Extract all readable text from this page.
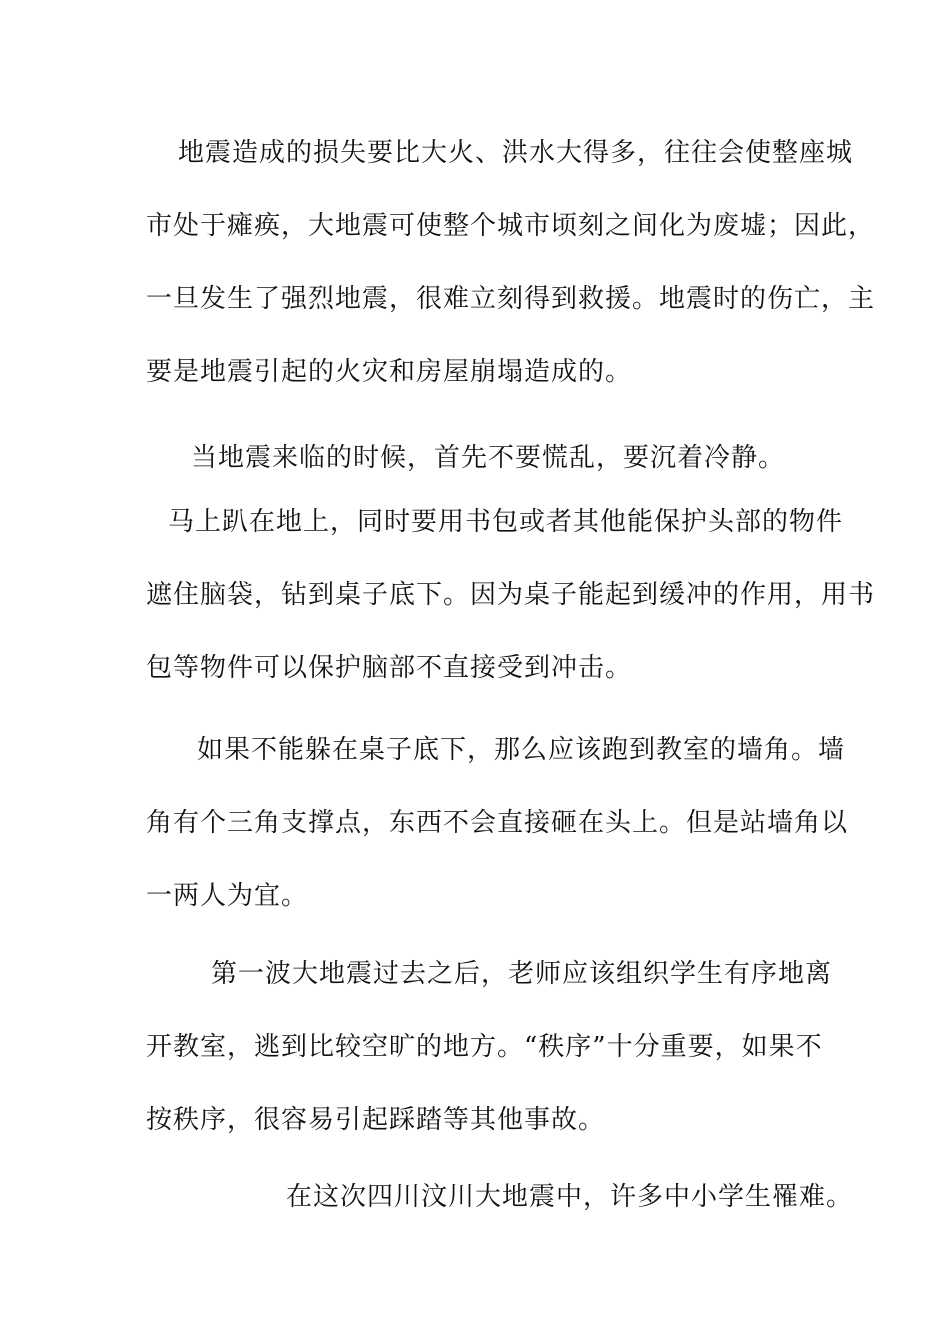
地震造成的损失要比大火、洪水大得多，往往会使整座城
市处于瘫痪，大地震可使整个城市顷刻之间化为废墟；因此，
一旦发生了强烈地震，很难立刻得到救援。地震时的伤亡，主
要是地震引起的火灾和房屋崩塌造成的。
当地震来临的时候，首先不要慌乱，要沉着冷静。
马上趴在地上，同时要用书包或者其他能保护头部的物件
遮住脑袋，钻到桌子底下。因为桌子能起到缓冲的作用，用书
包等物件可以保护脑部不直接受到冲击。
如果不能躲在桌子底下，那么应该跑到教室的墙角。墙
角有个三角支撑点，东西不会直接砸在头上。但是站墙角以
一两人为宜。
第一波大地震过去之后，老师应该组织学生有序地离
开教室，逃到比较空旷的地方。“秩序”十分重要，如果不
按秩序，很容易引起踩踏等其他事故。
在这次四川汶川大地震中，许多中小学生罹难。
